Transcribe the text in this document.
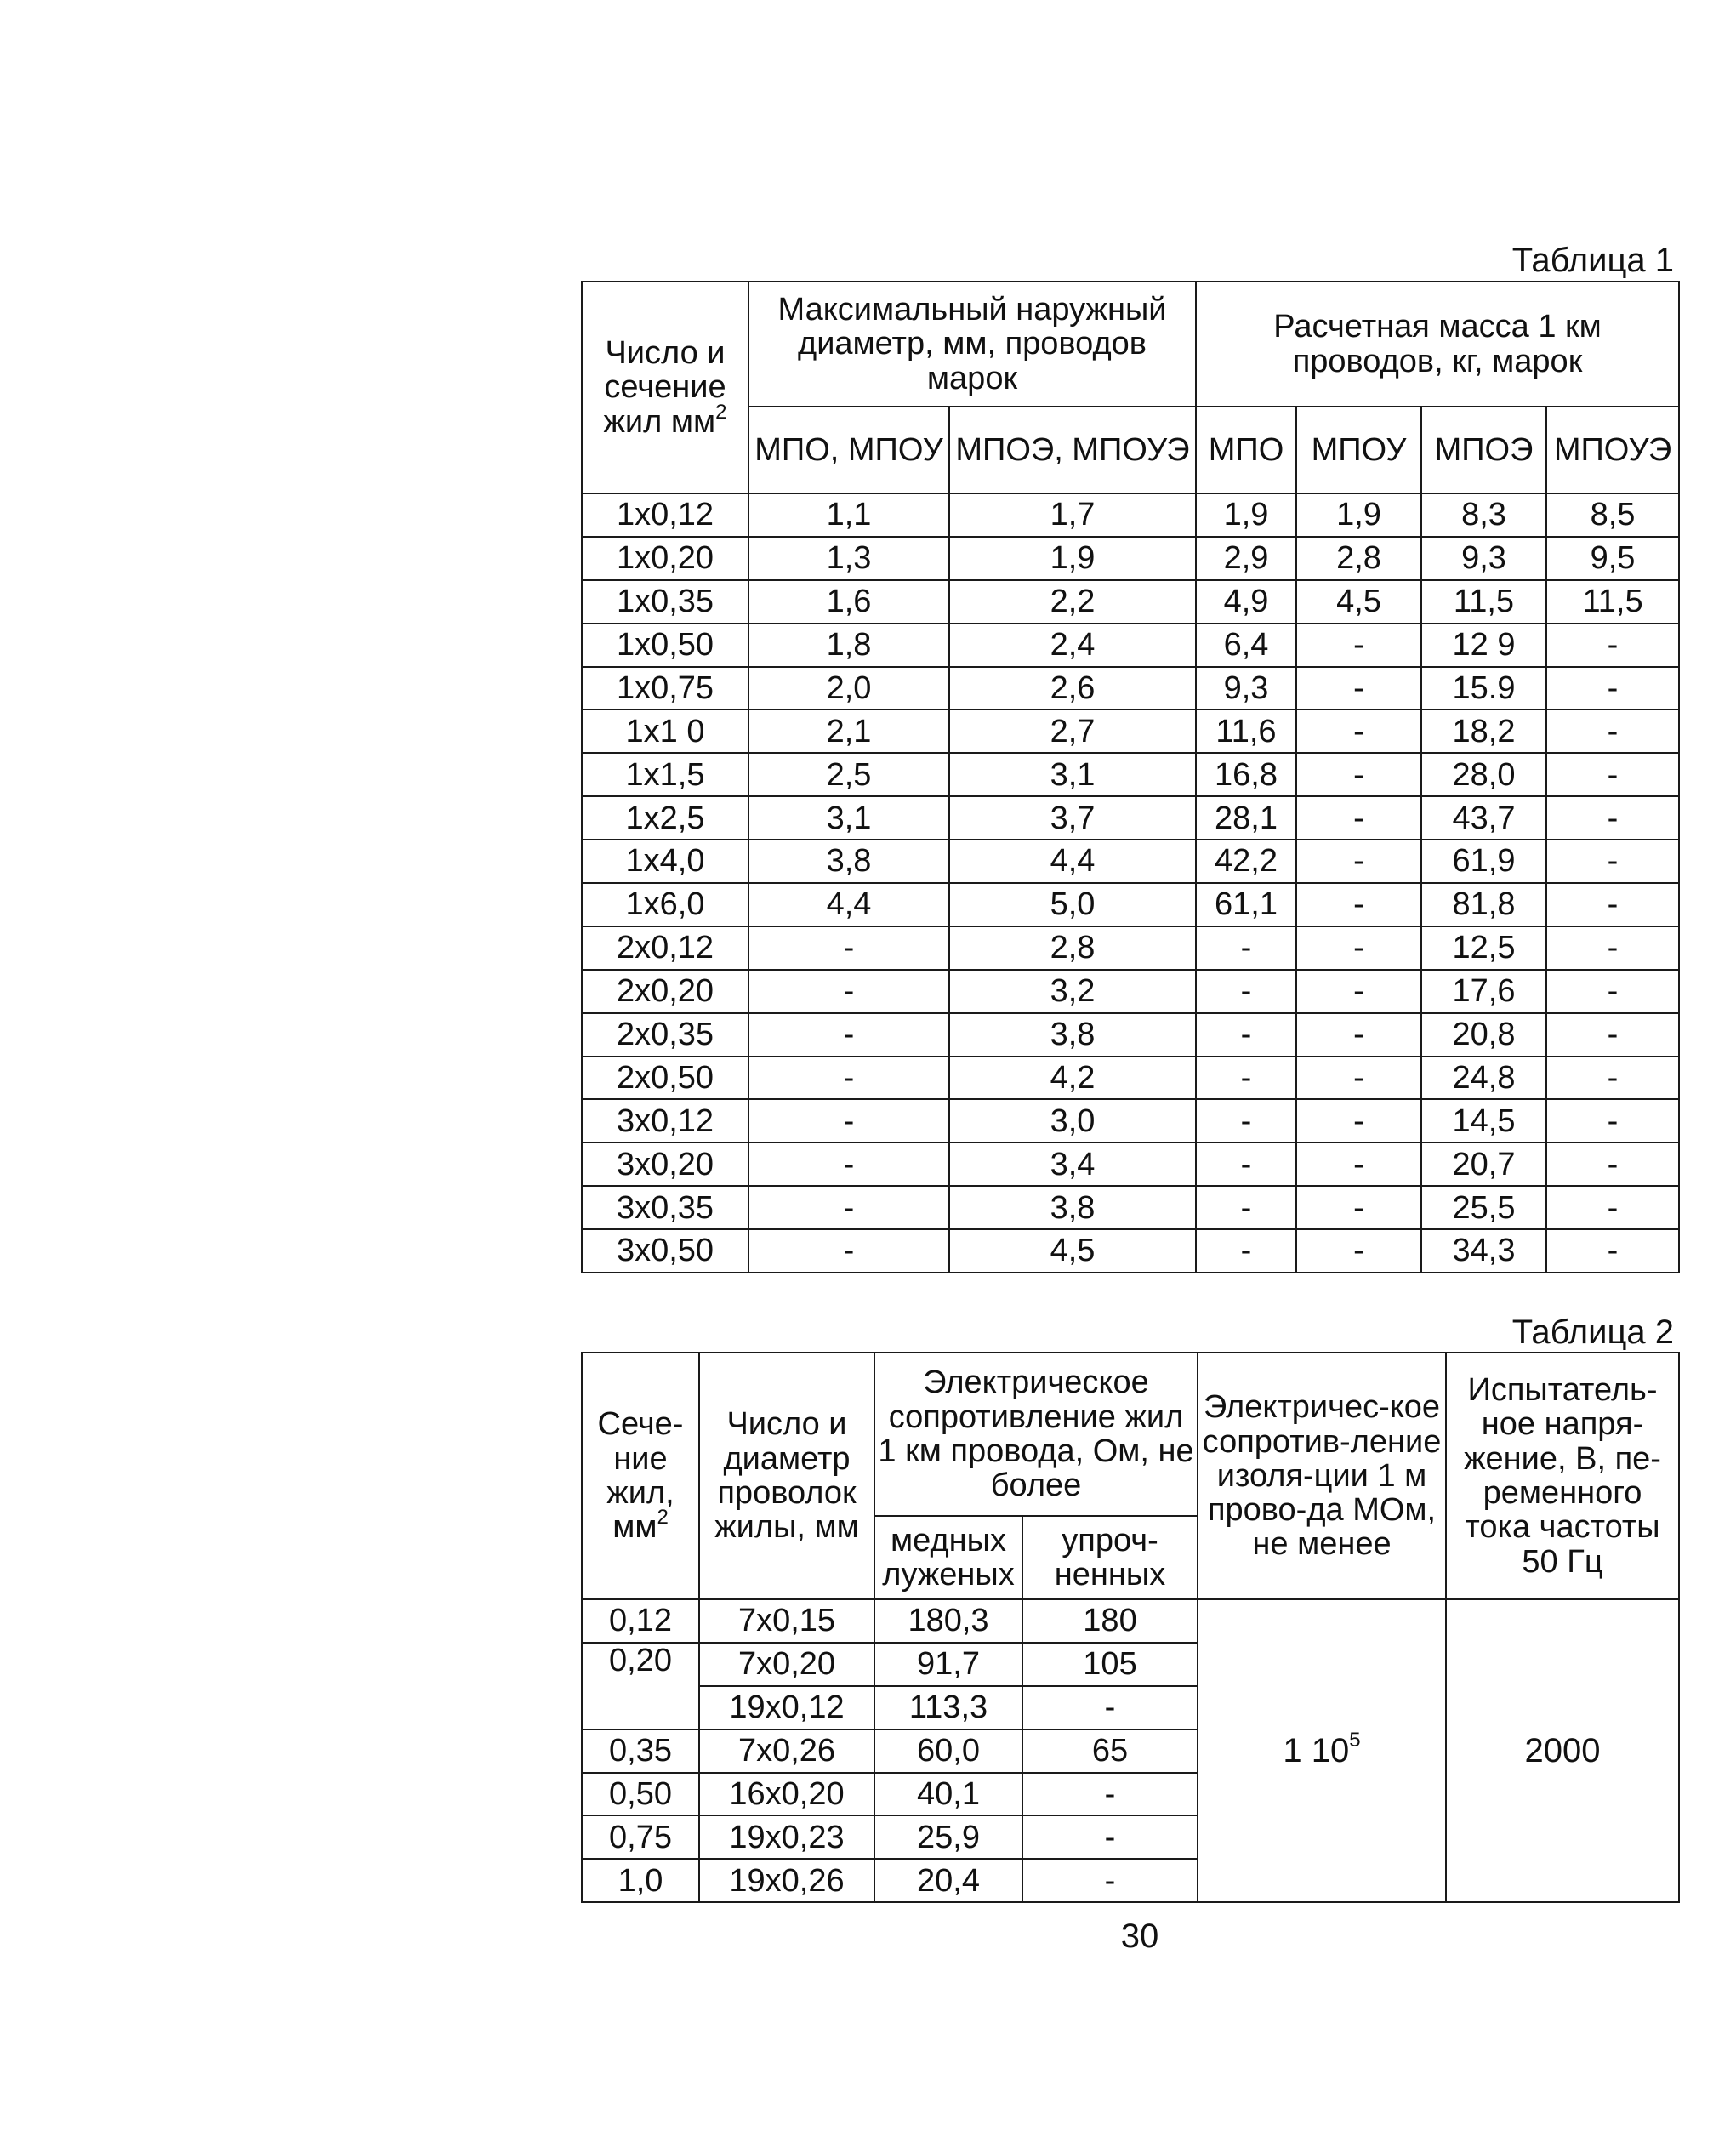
Таблица 1
Число и сечение
жил $мм^2$	Максимальный наружный диаметр, мм, проводов марок		Расчетная масса 1 км проводов, кг, марок			
	МПО, МПОУ	МПОЭ, МПОУЭ	МПО	МПОУ	МПОЭ	МПОУЭ
1х0,12	1,1	1,7	1,9	1,9	8,3	8,5
1х0,20	1,3	1,9	2,9	2,8	9,3	9,5
1х0,35	1,6	2,2	4,9	4,5	11,5	11,5
1х0,50	1,8	2,4	6,4	-	12 9	-
1х0,75	2,0	2,6	9,3	-	15.9	-
1х1 0	2,1	2,7	11,6	-	18,2	-
1х1,5	2,5	3,1	16,8	-	28,0	-
1х2,5	3,1	3,7	28,1	-	43,7	-
1х4,0	3,8	4,4	42,2	-	61,9	-
1х6,0	4,4	5,0	61,1	-	81,8	-
2х0,12	-	2,8	-	-	12,5	-
2х0,20	-	3,2	-	-	17,6	-
2х0,35	-	3,8	-	-	20,8	-
2х0,50	-	4,2	-	-	24,8	-
3х0,12	-	3,0	-	-	14,5	-
3х0,20	-	3,4	-	-	20,7	-
3х0,35	-	3,8	-	-	25,5	-
3х0,50	-	4,5	-	-	34,3	-
Таблица 2
Сече-ние жил, $мм^2$	Число и диаметр проволок жилы, мм	Электрическое сопротивление жил 1 км провода, Ом, не более		Электричес-кое сопротив-ление изоля-ции 1 м прово-да МОм, не менее	Испытатель-ное напря-жение, В, пе-ременного тока частоты 50 Гц
		медных луженых	упроч-ненных		
0,12	7х0,15	180,3	180	1 $10^5$	2000
0,20	7х0,20	91,7	105		
	19х0,12	113,3	-		
0,35	7х0,26	60,0	65		
0,50	16х0,20	40,1	-		
0,75	19х0,23	25,9	-		
1,0	19х0,26	20,4	-		
30
